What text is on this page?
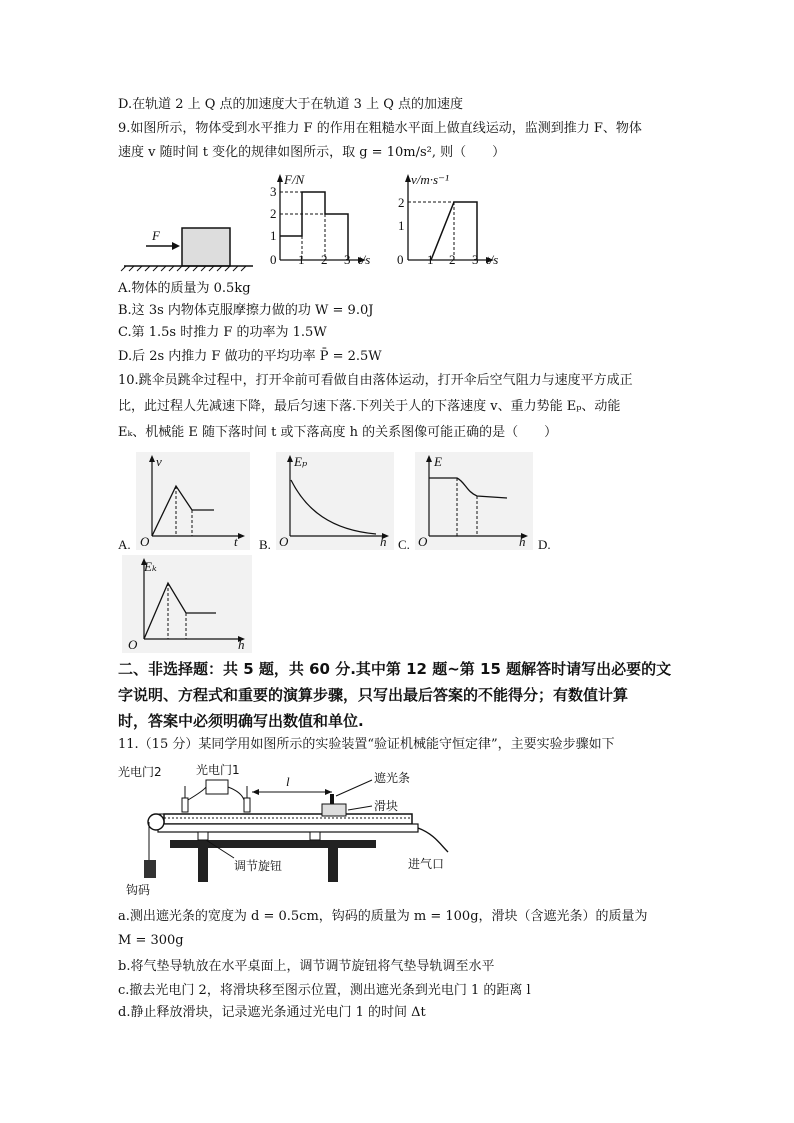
D.在轨道 2 上 Q 点的加速度大于在轨道 3 上 Q 点的加速度
9.如图所示，物体受到水平推力 F 的作用在粗糙水平面上做直线运动，监测到推力 F、物体
速度 v 随时间 t 变化的规律如图所示，取 g = 10m/s², 则（　　）
F
F/N
0
1
2
3
1 2 3 t/s
v/m·s⁻¹
0
1
2
1 2 3 t/s
A.物体的质量为 0.5kg
B.这 3s 内物体克服摩擦力做的功 W = 9.0J
C.第 1.5s 时推力 F 的功率为 1.5W
D.后 2s 内推力 F 做功的平均功率 P̄ = 2.5W
10.跳伞员跳伞过程中，打开伞前可看做自由落体运动，打开伞后空气阻力与速度平方成正
比，此过程人先减速下降，最后匀速下落.下列关于人的下落速度 v、重力势能 Eₚ、动能
Eₖ、机械能 E 随下落时间 t 或下落高度 h 的关系图像可能正确的是（　　）
A.
v
O	t B.
Eₚ
O	h C.
E
O	h D.
Eₖ
O	h
二、非选择题：共 5 题，共 60 分.其中第 12 题~第 15 题解答时请写出必要的文
字说明、方程式和重要的演算步骤，只写出最后答案的不能得分；有数值计算
时，答案中必须明确写出数值和单位.
11.（15 分）某同学用如图所示的实验装置“验证机械能守恒定律”，主要实验步骤如下
调节旋钮
钩码
光电门2	光电门1
l	遮光条
滑块
进气口
a.测出遮光条的宽度为 d = 0.5cm，钩码的质量为 m = 100g，滑块（含遮光条）的质量为
M = 300g
b.将气垫导轨放在水平桌面上，调节调节旋钮将气垫导轨调至水平
c.撤去光电门 2，将滑块移至图示位置，测出遮光条到光电门 1 的距离 l
d.静止释放滑块，记录遮光条通过光电门 1 的时间 Δt
